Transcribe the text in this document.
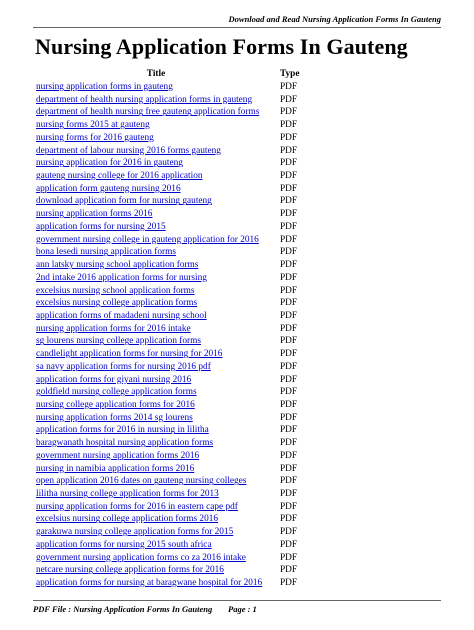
Download and Read Nursing Application Forms In Gauteng
Nursing Application Forms In Gauteng
Title	Type
nursing application forms in gauteng	PDF
department of health nursing application forms in gauteng	PDF
department of health nursing free gauteng application forms	PDF
nursing forms 2015 at gauteng	PDF
nursing forms for 2016 gauteng	PDF
department of labour nursing 2016 forms gauteng	PDF
nursing application for 2016 in gauteng	PDF
gauteng nursing college for 2016 application	PDF
application form gauteng nursing 2016	PDF
download application form for nursing gauteng	PDF
nursing application forms 2016	PDF
application forms for nursing 2015	PDF
government nursing college in gauteng application for 2016	PDF
bona lesedi nursing application forms	PDF
ann latsky nursing school application forms	PDF
2nd intake 2016 application forms for nursing	PDF
excelsius nursing school application forms	PDF
excelsius nursing college application forms	PDF
application forms of madadeni nursing school	PDF
nursing application forms for 2016 intake	PDF
sg lourens nursing college application forms	PDF
candlelight application forms for nursing for 2016	PDF
sa navy application forms for nursing 2016 pdf	PDF
application forms for giyani nursing 2016	PDF
goldfield nursing college application forms	PDF
nursing college application forms for 2016	PDF
nursing application forms 2014 sg lourens	PDF
application forms for 2016 in nursing in lilitha	PDF
baragwanath hospital nursing application forms	PDF
government nursing application forms 2016	PDF
nursing in namibia application forms 2016	PDF
open application 2016 dates on gauteng nursing colleges	PDF
lilitha nursing college application forms for 2013	PDF
nursing application forms for 2016 in eastern cape pdf	PDF
excelsius nursing college application forms 2016	PDF
garakuwa nursing college application forms for 2015	PDF
application forms for nursing 2015 south africa	PDF
government nursing application forms co za 2016 intake	PDF
netcare nursing college application forms for 2016	PDF
application forms for nursing at baragwane hospital for 2016	PDF
PDF File : Nursing Application Forms In Gauteng Page : 1
